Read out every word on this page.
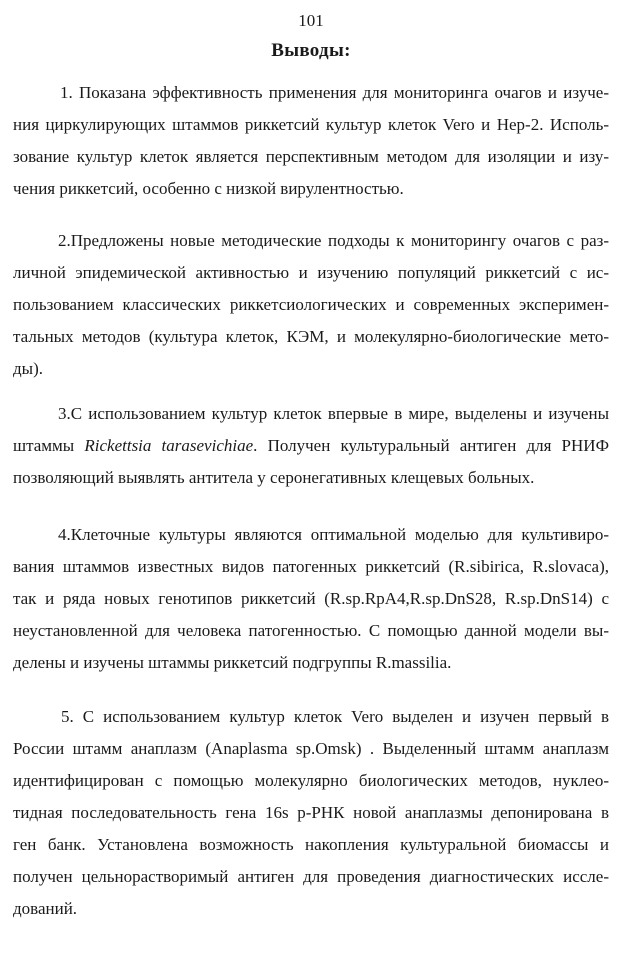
101
Выводы:
1. Показана эффективность применения для мониторинга очагов и изуче-
ния циркулирующих штаммов риккетсий культур клеток Vero и Hep-2. Исполь-
зование культур клеток является перспективным методом для изоляции и изу-
чения риккетсий, особенно с низкой вирулентностью.
2.Предложены новые методические подходы к мониторингу очагов с раз-
личной эпидемической активностью и изучению популяций риккетсий с ис-
пользованием классических риккетсиологических и современных эксперимен-
тальных методов (культура клеток, КЭМ, и молекулярно-биологические мето-
ды).
3.С использованием культур клеток впервые в мире, выделены и изучены
штаммы Rickettsia tarasevichiae. Получен культуральный антиген для РНИФ
позволяющий выявлять антитела у серонегативных клещевых больных.
4.Клеточные культуры являются оптимальной моделью для культивиро-
вания штаммов известных видов патогенных риккетсий (R.sibirica, R.slovaca),
так и ряда новых генотипов риккетсий (R.sp.RpA4,R.sp.DnS28, R.sp.DnS14) с
неустановленной для человека патогенностью. С помощью данной модели вы-
делены и изучены штаммы риккетсий подгруппы R.massilia.
5. С использованием культур клеток Vero выделен и изучен первый в
России штамм анаплазм (Anaplasma sp.Omsk) . Выделенный штамм анаплазм
идентифицирован с помощью молекулярно биологических методов, нуклео-
тидная последовательность гена 16s р-РНК новой анаплазмы депонирована в
ген банк. Установлена возможность накопления культуральной биомассы и
получен цельнорастворимый антиген для проведения диагностических иссле-
дований.
